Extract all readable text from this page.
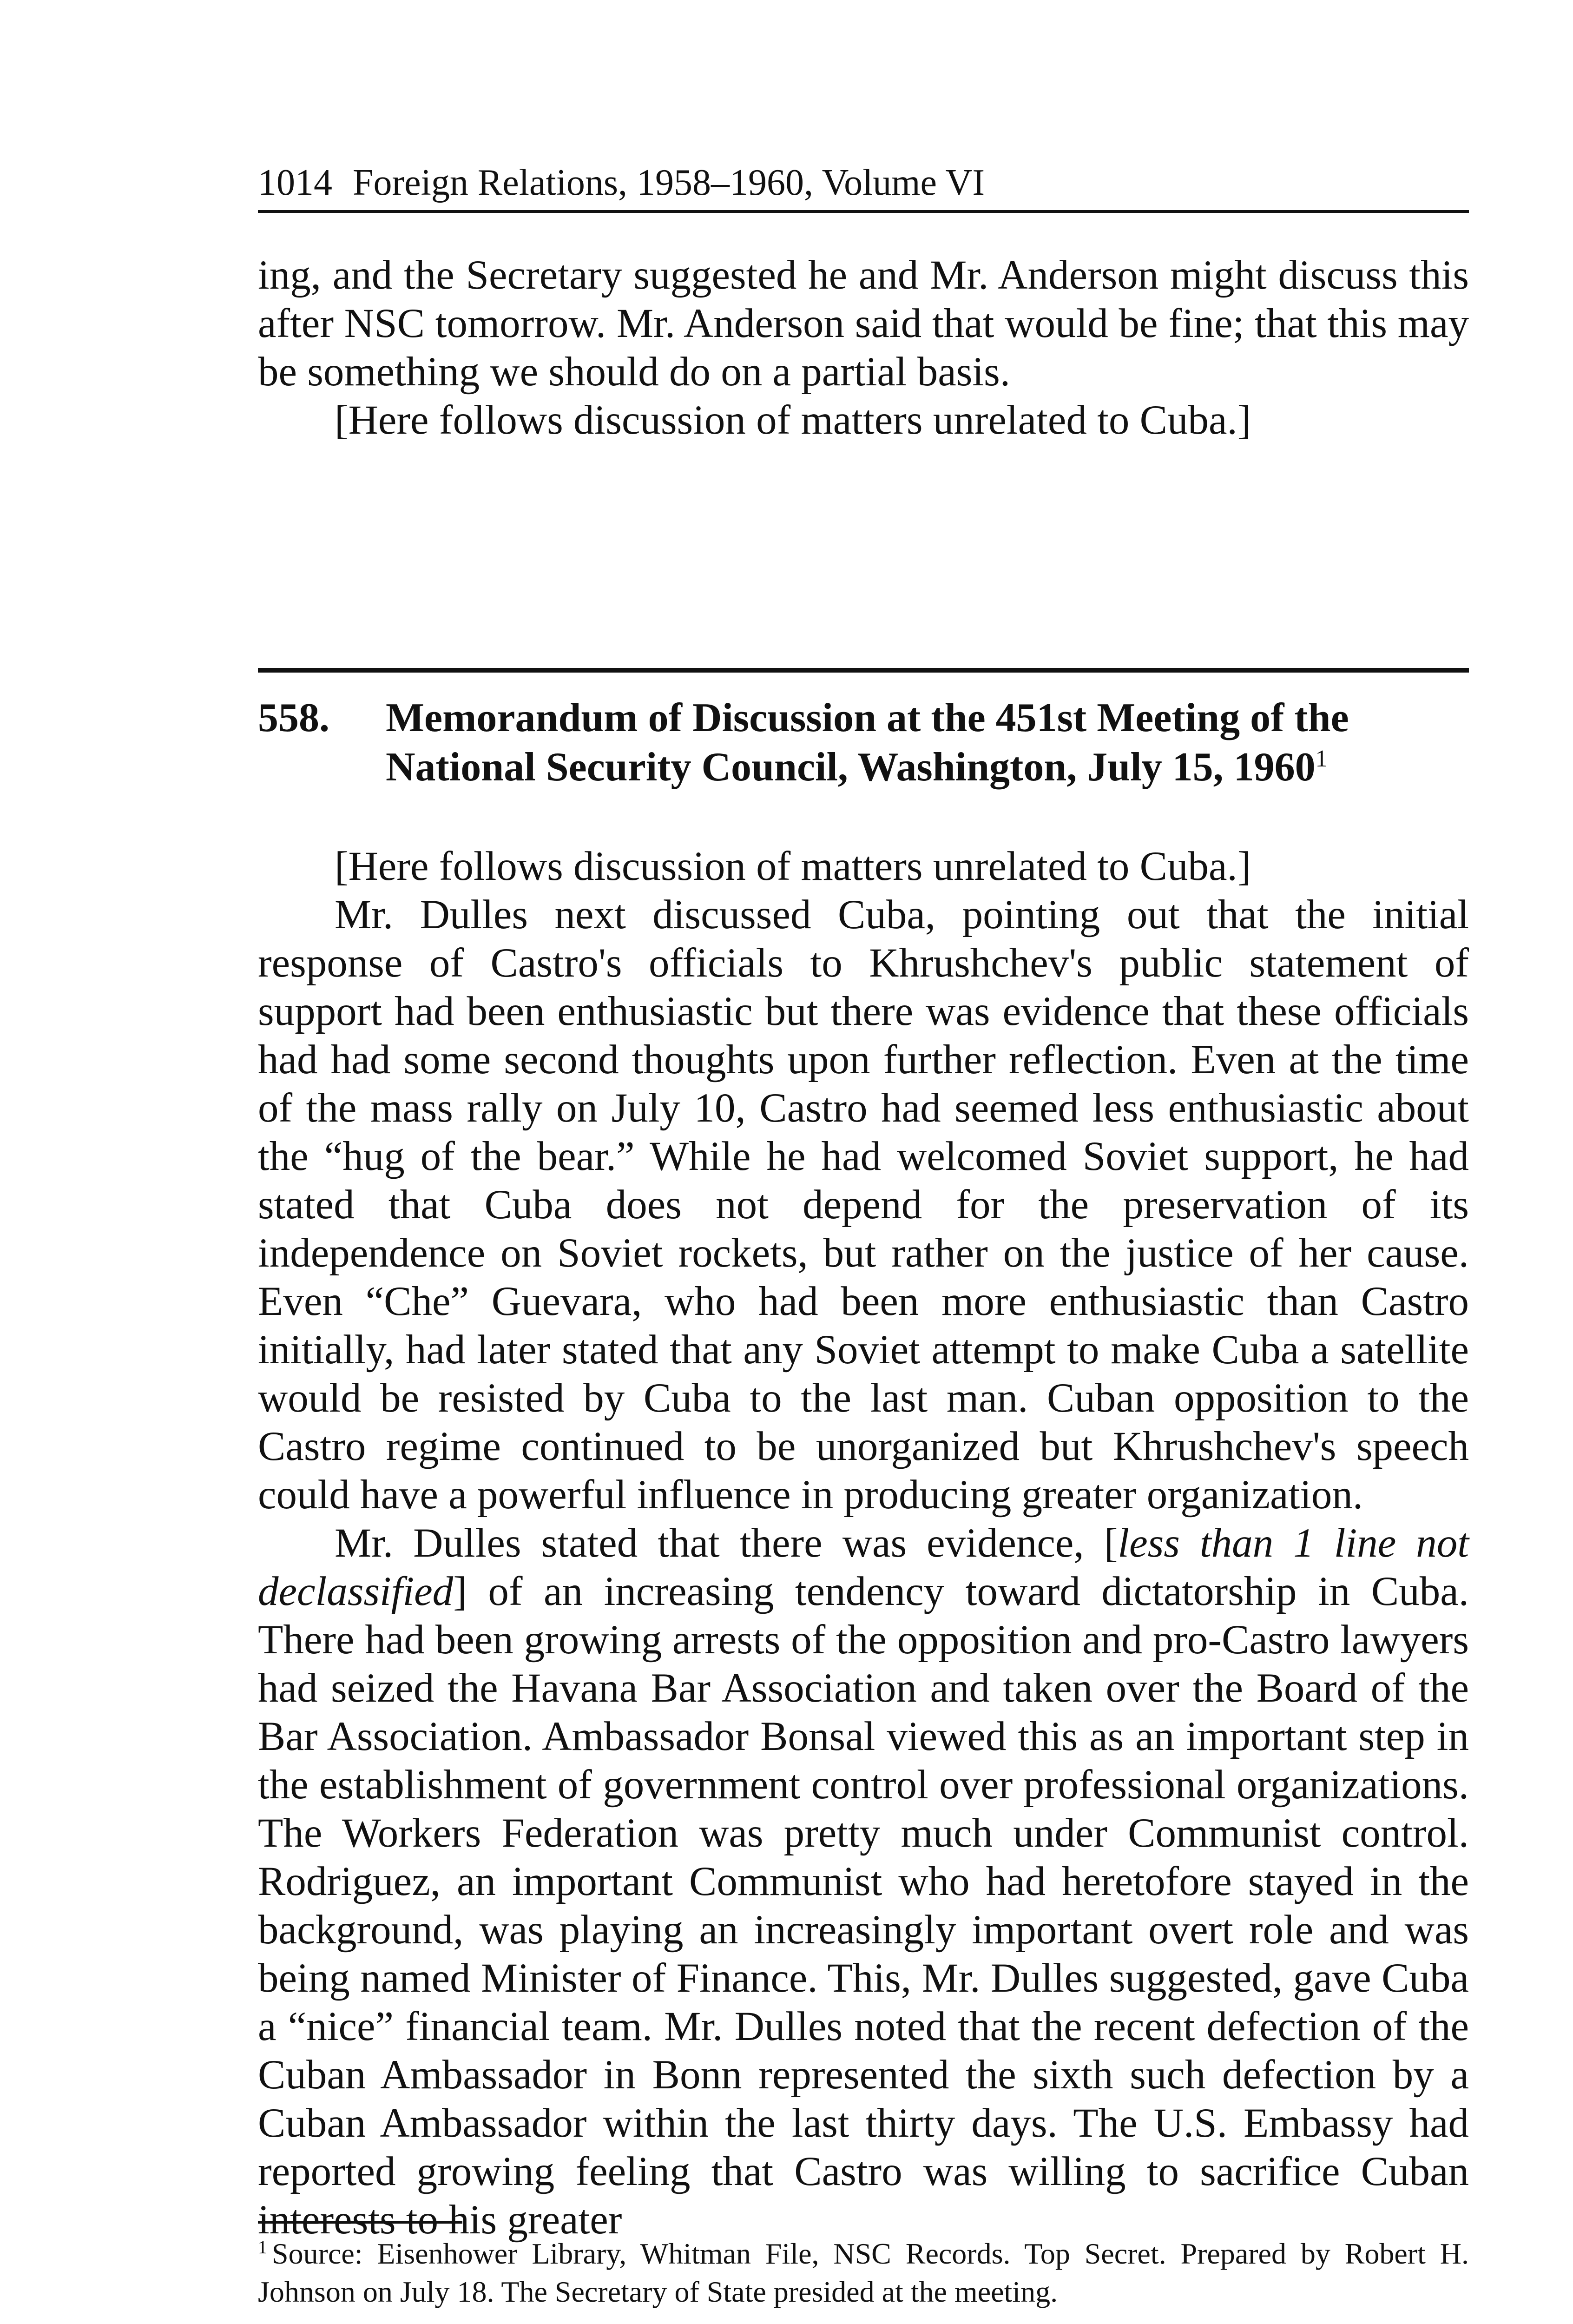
1014 Foreign Relations, 1958–1960, Volume VI

ing, and the Secretary suggested he and Mr. Anderson might discuss this after NSC tomorrow. Mr. Anderson said that would be fine; that this may be something we should do on a partial basis.

[Here follows discussion of matters unrelated to Cuba.]

558. Memorandum of Discussion at the 451st Meeting of the National Security Council, Washington, July 15, 1960$^1$

[Here follows discussion of matters unrelated to Cuba.]

Mr. Dulles next discussed Cuba, pointing out that the initial response of Castro's officials to Khrushchev's public statement of support had been enthusiastic but there was evidence that these officials had had some second thoughts upon further reflection. Even at the time of the mass rally on July 10, Castro had seemed less enthusiastic about the “hug of the bear.” While he had welcomed Soviet support, he had stated that Cuba does not depend for the preservation of its independence on Soviet rockets, but rather on the justice of her cause. Even “Che” Guevara, who had been more enthusiastic than Castro initially, had later stated that any Soviet attempt to make Cuba a satellite would be resisted by Cuba to the last man. Cuban opposition to the Castro regime continued to be unorganized but Khrushchev's speech could have a powerful influence in producing greater organization.

Mr. Dulles stated that there was evidence, [less than 1 line not declassified] of an increasing tendency toward dictatorship in Cuba. There had been growing arrests of the opposition and pro-Castro lawyers had seized the Havana Bar Association and taken over the Board of the Bar Association. Ambassador Bonsal viewed this as an important step in the establishment of government control over professional organizations. The Workers Federation was pretty much under Communist control. Rodriguez, an important Communist who had heretofore stayed in the background, was playing an increasingly important overt role and was being named Minister of Finance. This, Mr. Dulles suggested, gave Cuba a “nice” financial team. Mr. Dulles noted that the recent defection of the Cuban Ambassador in Bonn represented the sixth such defection by a Cuban Ambassador within the last thirty days. The U.S. Embassy had reported growing feeling that Castro was willing to sacrifice Cuban interests to his greater

$^1$ Source: Eisenhower Library, Whitman File, NSC Records. Top Secret. Prepared by Robert H. Johnson on July 18. The Secretary of State presided at the meeting.
